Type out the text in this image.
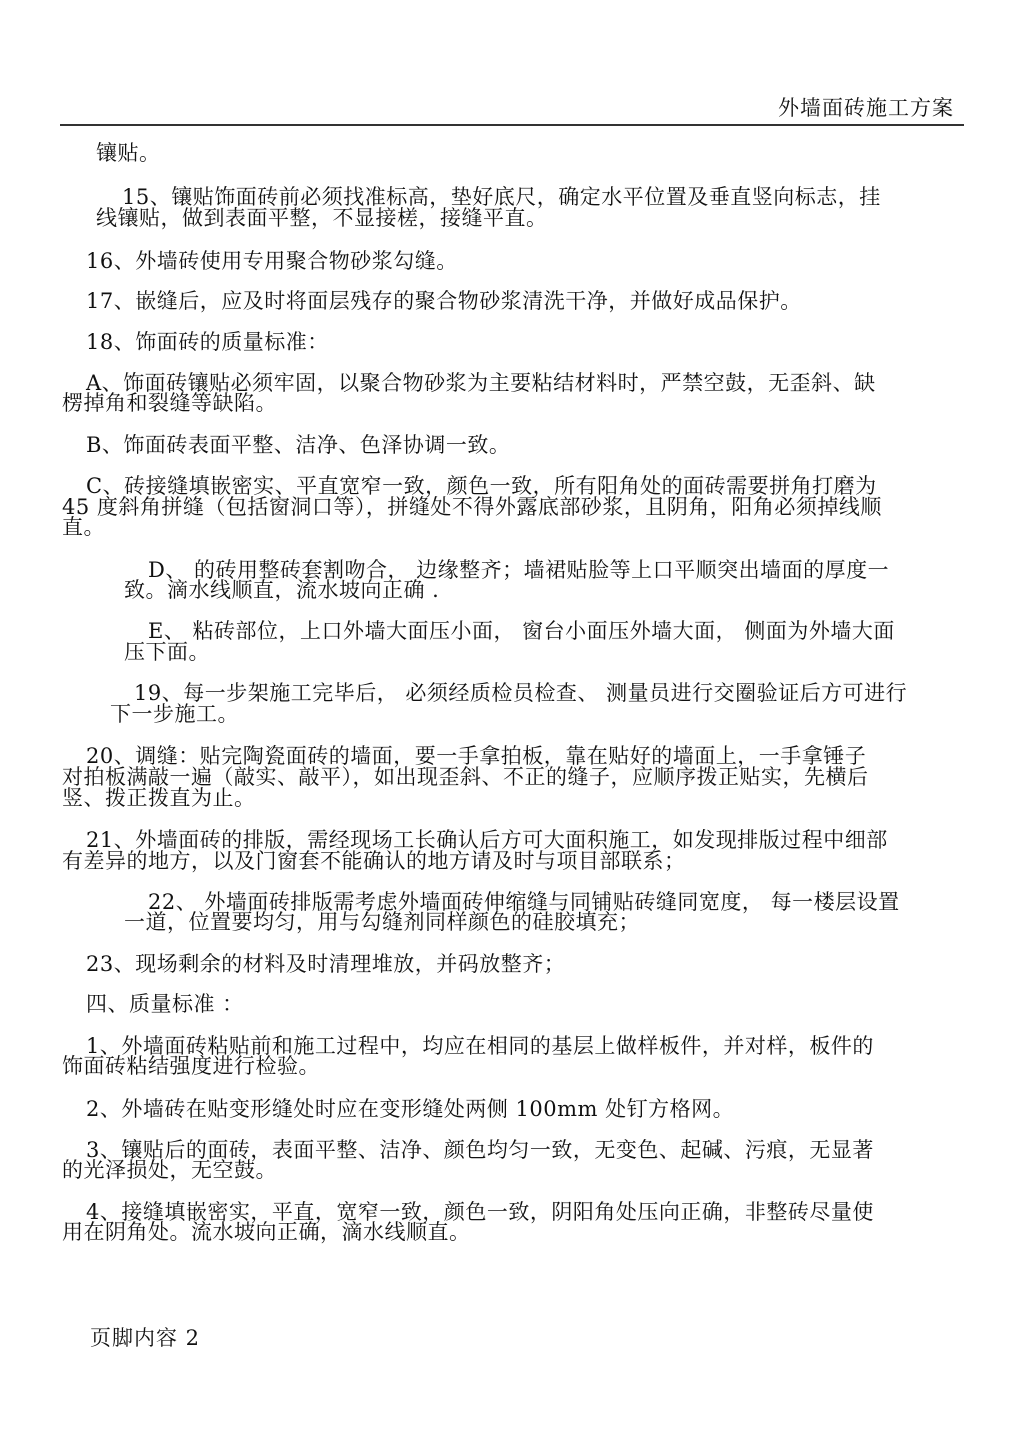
外墙面砖施工方案
镶贴。
15、镶贴饰面砖前必须找准标高，垫好底尺，确定水平位置及垂直竖向标志，挂
线镶贴，做到表面平整，不显接槎，接缝平直。
16、外墙砖使用专用聚合物砂浆勾缝。
17、嵌缝后，应及时将面层残存的聚合物砂浆清洗干净，并做好成品保护。
18、饰面砖的质量标准：
A、饰面砖镶贴必须牢固，以聚合物砂浆为主要粘结材料时，严禁空鼓，无歪斜、缺
楞掉角和裂缝等缺陷。
B、饰面砖表面平整、洁净、色泽协调一致。
C、砖接缝填嵌密实、平直宽窄一致，颜色一致，所有阳角处的面砖需要拼角打磨为
45 度斜角拼缝（包括窗洞口等），拼缝处不得外露底部砂浆，且阴角，阳角必须掉线顺
直。
D、 的砖用整砖套割吻合， 边缘整齐；墙裙贴脸等上口平顺突出墙面的厚度一
致。滴水线顺直，流水坡向正确 .
E、 粘砖部位，上口外墙大面压小面， 窗台小面压外墙大面， 侧面为外墙大面
压下面。
19、每一步架施工完毕后， 必须经质检员检查、 测量员进行交圈验证后方可进行
下一步施工。
20、调缝：贴完陶瓷面砖的墙面，要一手拿拍板，靠在贴好的墙面上，一手拿锤子
对拍板满敲一遍（敲实、敲平），如出现歪斜、不正的缝子，应顺序拨正贴实，先横后
竖、拨正拨直为止。
21、外墙面砖的排版，需经现场工长确认后方可大面积施工，如发现排版过程中细部
有差异的地方，以及门窗套不能确认的地方请及时与项目部联系；
22、 外墙面砖排版需考虑外墙面砖伸缩缝与同铺贴砖缝同宽度， 每一楼层设置
一道，位置要均匀，用与勾缝剂同样颜色的硅胶填充；
23、现场剩余的材料及时清理堆放，并码放整齐；
四、质量标准 ：
1、外墙面砖粘贴前和施工过程中，均应在相同的基层上做样板件，并对样，板件的
饰面砖粘结强度进行检验。
2、外墙砖在贴变形缝处时应在变形缝处两侧 100mm 处钉方格网。
3、镶贴后的面砖，表面平整、洁净、颜色均匀一致，无变色、起碱、污痕，无显著
的光泽损处，无空鼓。
4、接缝填嵌密实，平直，宽窄一致，颜色一致，阴阳角处压向正确，非整砖尽量使
用在阴角处。流水坡向正确，滴水线顺直。
页脚内容 2
